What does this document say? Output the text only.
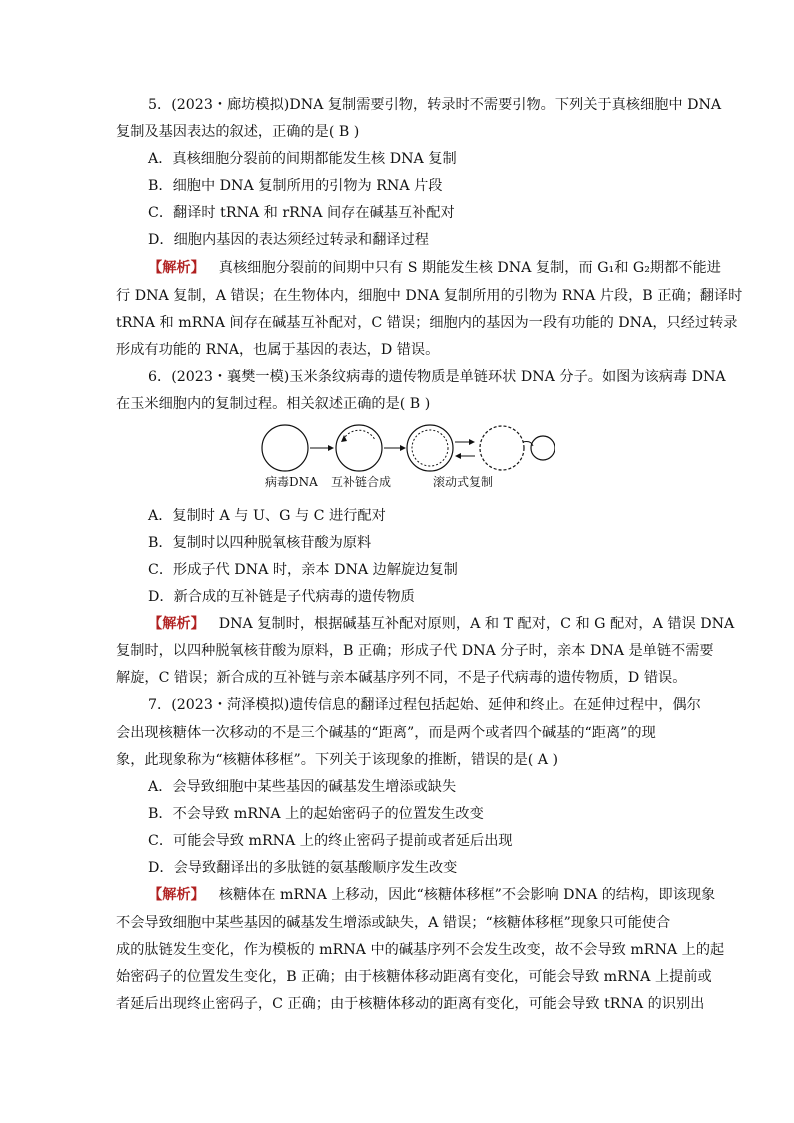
5．(2023・廊坊模拟)DNA 复制需要引物，转录时不需要引物。下列关于真核细胞中 DNA
复制及基因表达的叙述，正确的是( B )
A．真核细胞分裂前的间期都能发生核 DNA 复制
B．细胞中 DNA 复制所用的引物为 RNA 片段
C．翻译时 tRNA 和 rRNA 间存在碱基互补配对
D．细胞内基因的表达须经过转录和翻译过程
【解析】 真核细胞分裂前的间期中只有 S 期能发生核 DNA 复制，而 G₁和 G₂期都不能进
行 DNA 复制，A 错误；在生物体内，细胞中 DNA 复制所用的引物为 RNA 片段，B 正确；翻译时
tRNA 和 mRNA 间存在碱基互补配对，C 错误；细胞内的基因为一段有功能的 DNA，只经过转录
形成有功能的 RNA，也属于基因的表达，D 错误。
6．(2023・襄樊一模)玉米条纹病毒的遗传物质是单链环状 DNA 分子。如图为该病毒 DNA
在玉米细胞内的复制过程。相关叙述正确的是( B )
病毒DNA 互补链合成	滚动式复制
A．复制时 A 与 U、G 与 C 进行配对
B．复制时以四种脱氧核苷酸为原料
C．形成子代 DNA 时，亲本 DNA 边解旋边复制
D．新合成的互补链是子代病毒的遗传物质
【解析】 DNA 复制时，根据碱基互补配对原则，A 和 T 配对，C 和 G 配对，A 错误 DNA
复制时，以四种脱氧核苷酸为原料，B 正确；形成子代 DNA 分子时，亲本 DNA 是单链不需要
解旋，C 错误；新合成的互补链与亲本碱基序列不同，不是子代病毒的遗传物质，D 错误。
7．(2023・菏泽模拟)遗传信息的翻译过程包括起始、延伸和终止。在延伸过程中，偶尔
会出现核糖体一次移动的不是三个碱基的“距离”，而是两个或者四个碱基的“距离”的现
象，此现象称为“核糖体移框”。下列关于该现象的推断，错误的是( A )
A．会导致细胞中某些基因的碱基发生增添或缺失
B．不会导致 mRNA 上的起始密码子的位置发生改变
C．可能会导致 mRNA 上的终止密码子提前或者延后出现
D．会导致翻译出的多肽链的氨基酸顺序发生改变
【解析】 核糖体在 mRNA 上移动，因此“核糖体移框”不会影响 DNA 的结构，即该现象
不会导致细胞中某些基因的碱基发生增添或缺失，A 错误；“核糖体移框”现象只可能使合
成的肽链发生变化，作为模板的 mRNA 中的碱基序列不会发生改变，故不会导致 mRNA 上的起
始密码子的位置发生变化，B 正确；由于核糖体移动距离有变化，可能会导致 mRNA 上提前或
者延后出现终止密码子，C 正确；由于核糖体移动的距离有变化，可能会导致 tRNA 的识别出
